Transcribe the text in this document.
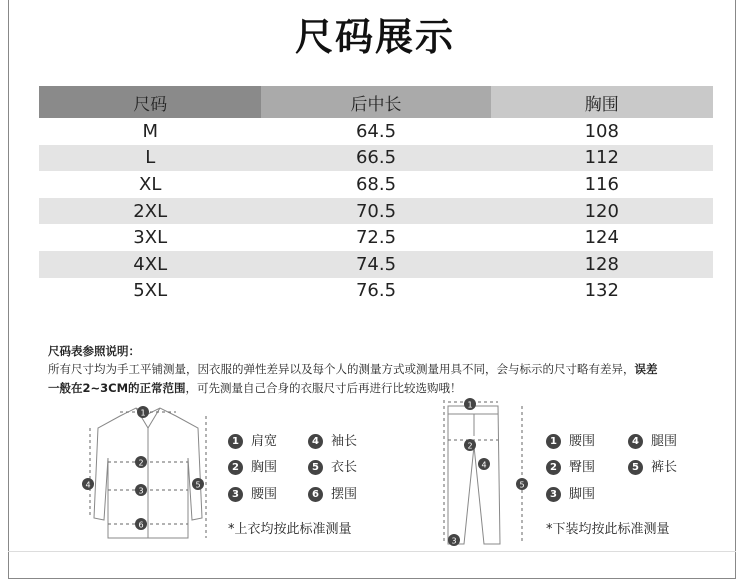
尺码展示
尺码	后中长	胸围
M	64.5	108
L	66.5	112
XL	68.5	116
2XL	70.5	120
3XL	72.5	124
4XL	74.5	128
5XL	76.5	132
尺码表参照说明：
所有尺寸均为手工平铺测量，因衣服的弹性差异以及每个人的测量方式或测量用具不同，会与标示的尺寸略有差异，误差
一般在2~3CM的正常范围，可先测量自己合身的衣服尺寸后再进行比较选购哦！
1
2
3
4	5
6
1 肩宽	4 袖长
2 胸围	5 衣长
3 腰围	6 摆围
*上衣均按此标准测量
1
2
4
5
3
1 腰围	4 腿围
2 臀围	5 裤长
3 脚围
*下装均按此标准测量
